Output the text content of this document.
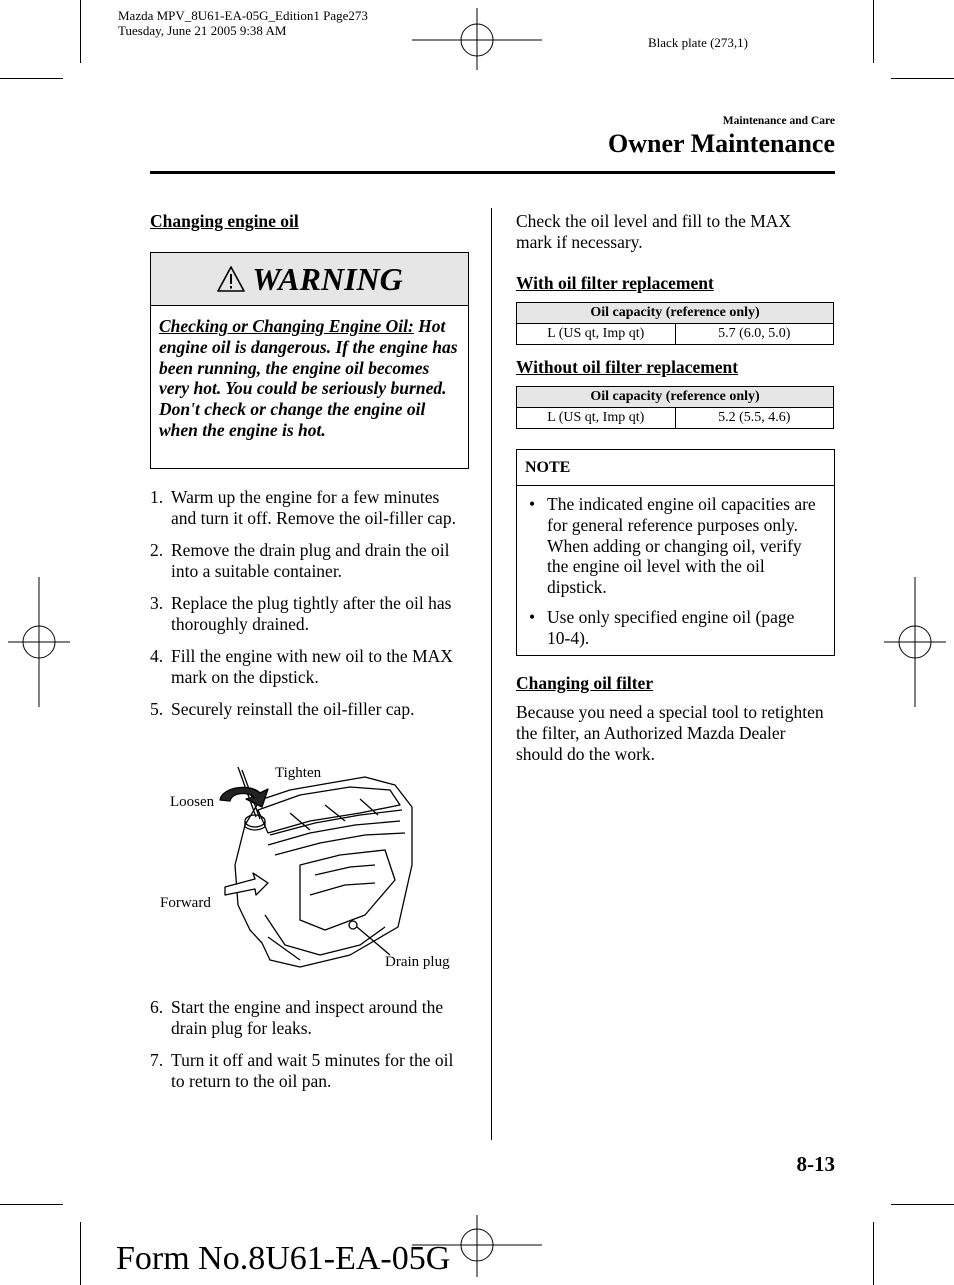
Mazda MPV_8U61-EA-05G_Edition1 Page273
Tuesday, June 21 2005 9:38 AM
Black plate (273,1)
Maintenance and Care
Owner Maintenance
Changing engine oil
WARNING
Checking or Changing Engine Oil: Hot engine oil is dangerous. If the engine has been running, the engine oil becomes very hot. You could be seriously burned. Don't check or change the engine oil when the engine is hot.
1. Warm up the engine for a few minutes and turn it off. Remove the oil-filler cap.
2. Remove the drain plug and drain the oil into a suitable container.
3. Replace the plug tightly after the oil has thoroughly drained.
4. Fill the engine with new oil to the MAX mark on the dipstick.
5. Securely reinstall the oil-filler cap.
Tighten
Loosen
Forward
Drain plug
6. Start the engine and inspect around the drain plug for leaks.
7. Turn it off and wait 5 minutes for the oil to return to the oil pan.
Check the oil level and fill to the MAX mark if necessary.
With oil filter replacement
Oil capacity (reference only)
L (US qt, Imp qt)	5.7 (6.0, 5.0)
Without oil filter replacement
Oil capacity (reference only)
L (US qt, Imp qt)	5.2 (5.5, 4.6)
NOTE
• The indicated engine oil capacities are for general reference purposes only. When adding or changing oil, verify the engine oil level with the oil dipstick.
• Use only specified engine oil (page 10-4).
Changing oil filter
Because you need a special tool to retighten the filter, an Authorized Mazda Dealer should do the work.
8-13
Form No.8U61-EA-05G
